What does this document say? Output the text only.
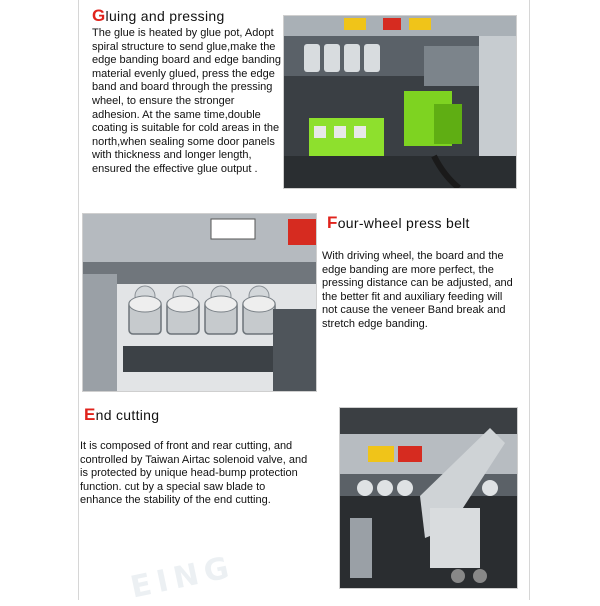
Gluing and pressing
The glue is heated by glue pot, Adopt spiral structure to send glue,make the edge banding board and edge banding material evenly glued, press the edge band and board through the pressing wheel, to ensure the stronger adhesion. At the same time,double coating is suitable for cold areas in the north,when sealing some door panels with thickness and longer length, ensured the effective glue output .
Four-wheel press belt
With driving wheel, the board and the edge banding are more perfect, the pressing distance can be adjusted, and the better fit and auxiliary feeding will not cause the veneer Band break and stretch edge banding.
End cutting
It is composed of front and rear cutting, and controlled by Taiwan Airtac solenoid valve, and is protected by unique head-bump protection function. cut by a special saw blade to enhance the stability of the end cutting.
EING
